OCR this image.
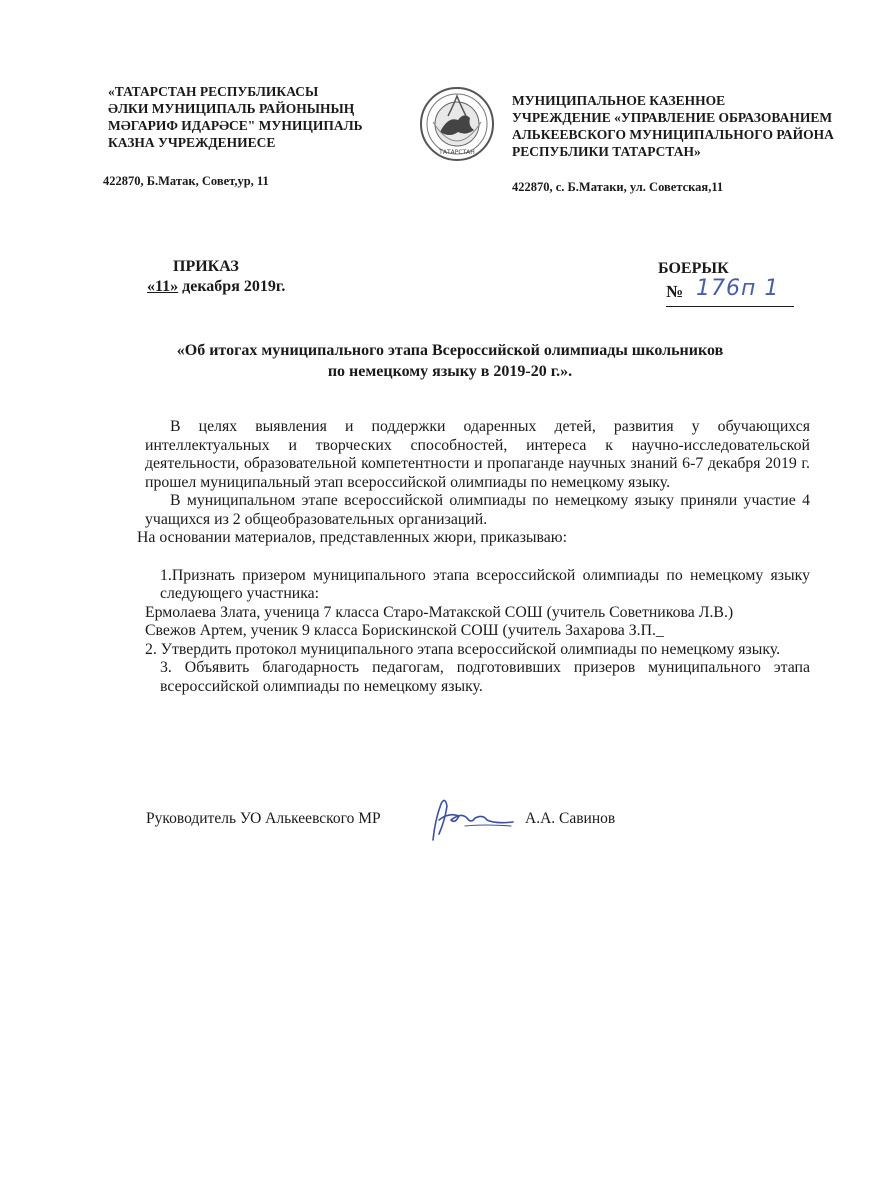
«ТАТАРСТАН РЕСПУБЛИКАСЫ
ӘЛКИ МУНИЦИПАЛЬ РАЙОНЫНЫҢ
МӘГАРИФ ИДАРӘСЕ" МУНИЦИПАЛЬ
КАЗНА УЧРЕЖДЕНИЕСЕ
422870, Б.Матак, Совет,ур, 11
ТАТАРСТАН
МУНИЦИПАЛЬНОЕ КАЗЕННОЕ
УЧРЕЖДЕНИЕ «УПРАВЛЕНИЕ ОБРАЗОВАНИЕМ
АЛЬКЕЕВСКОГО МУНИЦИПАЛЬНОГО РАЙОНА
РЕСПУБЛИКИ ТАТАРСТАН»
422870, с. Б.Матаки, ул. Советская,11
ПРИКАЗ
«11» декабря 2019г.
БОЕРЫК
№ 176п 1
«Об итогах муниципального этапа Всероссийской олимпиады школьников
по немецкому языку в 2019-20 г.».

В целях выявления и поддержки одаренных детей, развития у обучающихся интеллектуальных и творческих способностей, интереса к научно-исследовательской деятельности, образовательной компетентности и пропаганде научных знаний 6-7 декабря 2019 г. прошел муниципальный этап всероссийской олимпиады по немецкому языку.

В муниципальном этапе всероссийской олимпиады по немецкому языку приняли участие 4 учащихся из 2 общеобразовательных организаций.

На основании материалов, представленных жюри, приказываю:

1.Признать призером муниципального этапа всероссийской олимпиады по немецкому языку следующего участника:

Ермолаева Злата, ученица 7 класса Старо-Матакской СОШ (учитель Советникова Л.В.)

Свежов Артем, ученик 9 класса Борискинской СОШ (учитель Захарова З.П._

2. Утвердить протокол муниципального этапа всероссийской олимпиады по немецкому языку.

3. Объявить благодарность педагогам, подготовивших призеров муниципального этапа всероссийской олимпиады по немецкому языку.

Руководитель УО Алькеевского МР	А.А. Савинов
